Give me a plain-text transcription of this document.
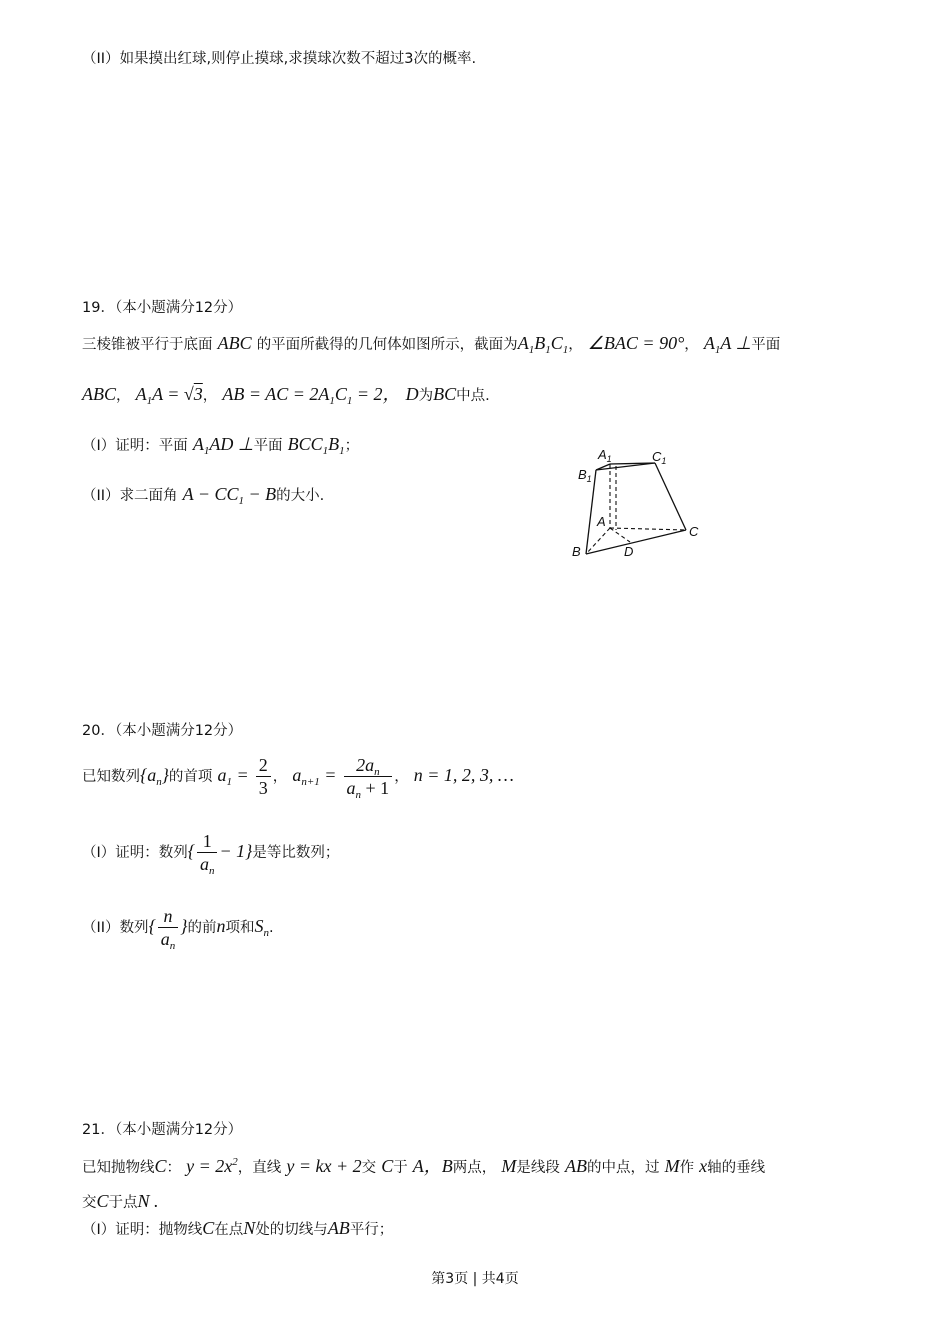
（II）如果摸出红球,则停止摸球,求摸球次数不超过3次的概率.
19．（本小题满分12分）
三棱锥被平行于底面 ABC 的平面所截得的几何体如图所示，截面为$A_1B_1C_1$， ∠BAC = 90°， $A_1A$ ⊥平面
ABC， $A_1A = √3$， AB = AC = $2A_1C_1 = 2$， D为BC中点.
（I）证明：平面 $A_1AD$ ⊥平面 $BCC_1B_1$；
（II）求二面角 $A - CC_1 - B$的大小.
$A_1$	$C_1$
$B_1$
A
B
C
D
20．（本小题满分12分）
已知数列$\{a_n\}$的首项 $a_1 = \frac{2}{3}$ ， $a_{n+1} = \frac{2a_n}{a_n + 1}$ ， n = 1, 2, 3, …
（I）证明：数列{ $\frac{1}{a_n} - 1$}是等比数列；
（II）数列{ $\frac{n}{a_n}$ }的前n项和$S_n$.
21．（本小题满分12分）
已知抛物线C： $y = 2x^2$，直线 y = kx + 2交 C于 A，B两点， M是线段 AB的中点，过 M作 x轴的垂线
交C于点N .
（I）证明：抛物线C在点N处的切线与AB平行；
第3页 | 共4页
